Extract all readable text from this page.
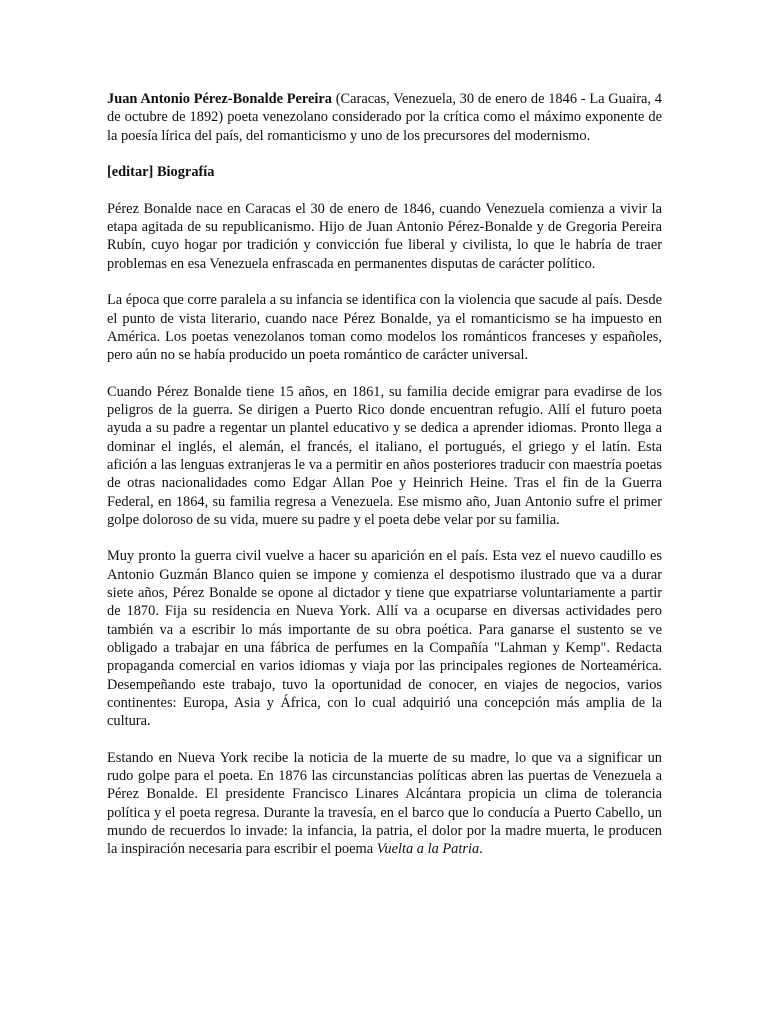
Juan Antonio Pérez-Bonalde Pereira (Caracas, Venezuela, 30 de enero de 1846 - La Guaira, 4 de octubre de 1892) poeta venezolano considerado por la crítica como el máximo exponente de la poesía lírica del país, del romanticismo y uno de los precursores del modernismo.

[editar] Biografía

Pérez Bonalde nace en Caracas el 30 de enero de 1846, cuando Venezuela comienza a vivir la etapa agitada de su republicanismo. Hijo de Juan Antonio Pérez-Bonalde y de Gregoria Pereira Rubín, cuyo hogar por tradición y convicción fue liberal y civilista, lo que le habría de traer problemas en esa Venezuela enfrascada en permanentes disputas de carácter político.

La época que corre paralela a su infancia se identifica con la violencia que sacude al país. Desde el punto de vista literario, cuando nace Pérez Bonalde, ya el romanticismo se ha impuesto en América. Los poetas venezolanos toman como modelos los románticos franceses y españoles, pero aún no se había producido un poeta romántico de carácter universal.

Cuando Pérez Bonalde tiene 15 años, en 1861, su familia decide emigrar para evadirse de los peligros de la guerra. Se dirigen a Puerto Rico donde encuentran refugio. Allí el futuro poeta ayuda a su padre a regentar un plantel educativo y se dedica a aprender idiomas. Pronto llega a dominar el inglés, el alemán, el francés, el italiano, el portugués, el griego y el latín. Esta afición a las lenguas extranjeras le va a permitir en años posteriores traducir con maestría poetas de otras nacionalidades como Edgar Allan Poe y Heinrich Heine. Tras el fin de la Guerra Federal, en 1864, su familia regresa a Venezuela. Ese mismo año, Juan Antonio sufre el primer golpe doloroso de su vida, muere su padre y el poeta debe velar por su familia.

Muy pronto la guerra civil vuelve a hacer su aparición en el país. Esta vez el nuevo caudillo es Antonio Guzmán Blanco quien se impone y comienza el despotismo ilustrado que va a durar siete años, Pérez Bonalde se opone al dictador y tiene que expatriarse voluntariamente a partir de 1870. Fija su residencia en Nueva York. Allí va a ocuparse en diversas actividades pero también va a escribir lo más importante de su obra poética. Para ganarse el sustento se ve obligado a trabajar en una fábrica de perfumes en la Compañía "Lahman y Kemp". Redacta propaganda comercial en varios idiomas y viaja por las principales regiones de Norteamérica. Desempeñando este trabajo, tuvo la oportunidad de conocer, en viajes de negocios, varios continentes: Europa, Asia y África, con lo cual adquirió una concepción más amplia de la cultura.

Estando en Nueva York recibe la noticia de la muerte de su madre, lo que va a significar un rudo golpe para el poeta. En 1876 las circunstancias políticas abren las puertas de Venezuela a Pérez Bonalde. El presidente Francisco Linares Alcántara propicia un clima de tolerancia política y el poeta regresa. Durante la travesía, en el barco que lo conducía a Puerto Cabello, un mundo de recuerdos lo invade: la infancia, la patria, el dolor por la madre muerta, le producen la inspiración necesaria para escribir el poema Vuelta a la Patria.
